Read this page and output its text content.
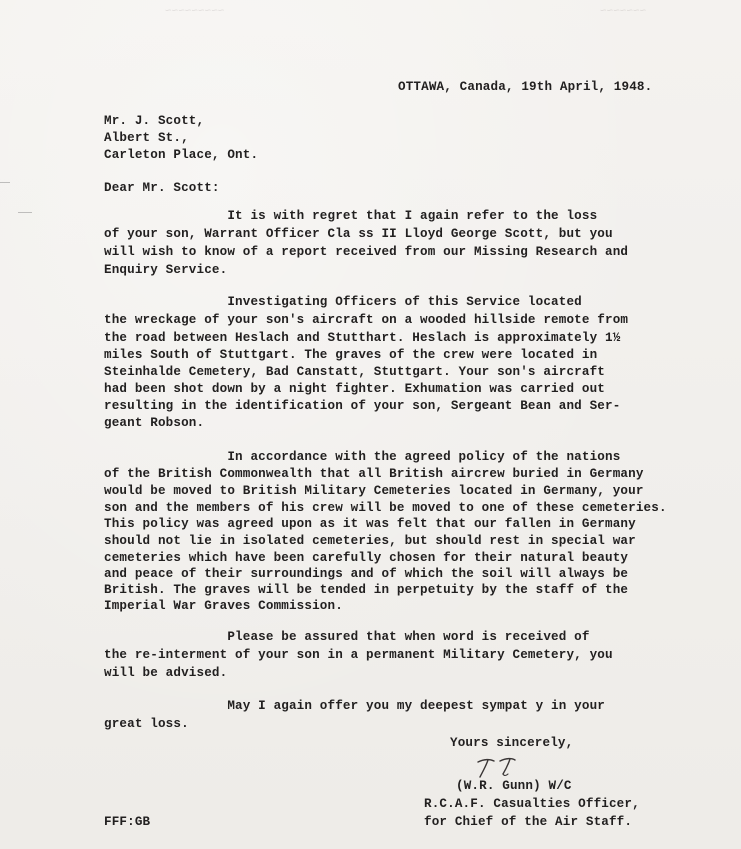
~~~~~~~~~	~~~~~~~
OTTAWA, Canada, 19th April, 1948.
Mr. J. Scott,
Albert St.,
Carleton Place, Ont.
Dear Mr. Scott:
It is with regret that I again refer to the loss
of your son, Warrant Officer Cla ss II Lloyd George Scott, but you
will wish to know of a report received from our Missing Research and
Enquiry Service.
Investigating Officers of this Service located
the wreckage of your son's aircraft on a wooded hillside remote from
the road between Heslach and Stutthart. Heslach is approximately 1½
miles South of Stuttgart. The graves of the crew were located in
Steinhalde Cemetery, Bad Canstatt, Stuttgart. Your son's aircraft
had been shot down by a night fighter. Exhumation was carried out
resulting in the identification of your son, Sergeant Bean and Ser-
geant Robson.
In accordance with the agreed policy of the nations
of the British Commonwealth that all British aircrew buried in Germany
would be moved to British Military Cemeteries located in Germany, your
son and the members of his crew will be moved to one of these cemeteries.
This policy was agreed upon as it was felt that our fallen in Germany
should not lie in isolated cemeteries, but should rest in special war
cemeteries which have been carefully chosen for their natural beauty
and peace of their surroundings and of which the soil will always be
British. The graves will be tended in perpetuity by the staff of the
Imperial War Graves Commission.
Please be assured that when word is received of
the re-interment of your son in a permanent Military Cemetery, you
will be advised.
May I again offer you my deepest sympat y in your
great loss.
Yours sincerely,
(W.R. Gunn) W/C
R.C.A.F. Casualties Officer,
for Chief of the Air Staff.
FFF:GB
